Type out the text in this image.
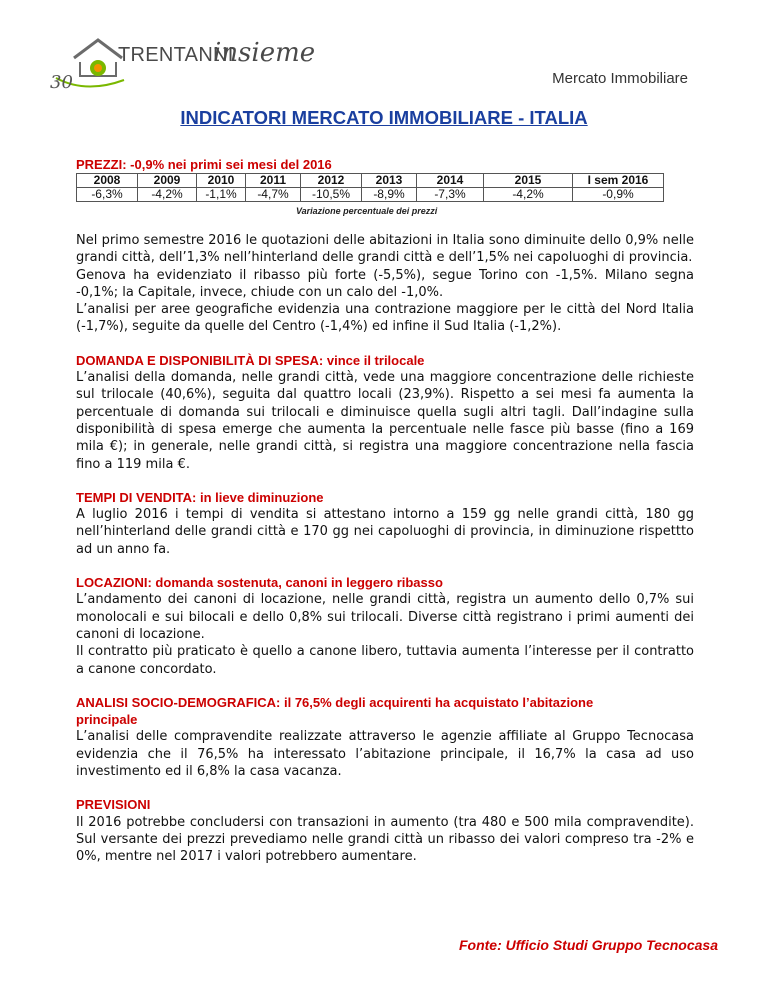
30
TRENTANNI
insieme
Mercato Immobiliare
INDICATORI MERCATO IMMOBILIARE - ITALIA

PREZZI: -0,9% nei primi sei mesi del 2016

2008	2009	2010	2011	2012	2013	2014	2015	I sem 2016
-6,3%	-4,2%	-1,1%	-4,7%	-10,5%	-8,9%	-7,3%	-4,2%	-0,9%
Variazione percentuale dei prezzi

Nel primo semestre 2016 le quotazioni delle abitazioni in Italia sono diminuite dello 0,9% nelle grandi città, dell’1,3% nell’hinterland delle grandi città e dell’1,5% nei capoluoghi di provincia.

Genova ha evidenziato il ribasso più forte (-5,5%), segue Torino con -1,5%. Milano segna -0,1%; la Capitale, invece, chiude con un calo del -1,0%.

L’analisi per aree geografiche evidenzia una contrazione maggiore per le città del Nord Italia (-1,7%), seguite da quelle del Centro (-1,4%) ed infine il Sud Italia (-1,2%).

DOMANDA E DISPONIBILITÀ DI SPESA: vince il trilocale

L’analisi della domanda, nelle grandi città, vede una maggiore concentrazione delle richieste sul trilocale (40,6%), seguita dal quattro locali (23,9%). Rispetto a sei mesi fa aumenta la percentuale di domanda sui trilocali e diminuisce quella sugli altri tagli. Dall’indagine sulla disponibilità di spesa emerge che aumenta la percentuale nelle fasce più basse (fino a 169 mila €); in generale, nelle grandi città, si registra una maggiore concentrazione nella fascia fino a 119 mila €.

TEMPI DI VENDITA: in lieve diminuzione

A luglio 2016 i tempi di vendita si attestano intorno a 159 gg nelle grandi città, 180 gg nell’hinterland delle grandi città e 170 gg nei capoluoghi di provincia, in diminuzione rispettto ad un anno fa.

LOCAZIONI: domanda sostenuta, canoni in leggero ribasso

L’andamento dei canoni di locazione, nelle grandi città, registra un aumento dello 0,7% sui monolocali e sui bilocali e dello 0,8% sui trilocali. Diverse città registrano i primi aumenti dei canoni di locazione.

Il contratto più praticato è quello a canone libero, tuttavia aumenta l’interesse per il contratto a canone concordato.

ANALISI SOCIO-DEMOGRAFICA: il 76,5% degli acquirenti ha acquistato l’abitazione principale

L’analisi delle compravendite realizzate attraverso le agenzie affiliate al Gruppo Tecnocasa evidenzia che il 76,5% ha interessato l’abitazione principale, il 16,7% la casa ad uso investimento ed il 6,8% la casa vacanza.

PREVISIONI

Il 2016 potrebbe concludersi con transazioni in aumento (tra 480 e 500 mila compravendite). Sul versante dei prezzi prevediamo nelle grandi città un ribasso dei valori compreso tra -2% e 0%, mentre nel 2017 i valori potrebbero aumentare.

Fonte: Ufficio Studi Gruppo Tecnocasa
